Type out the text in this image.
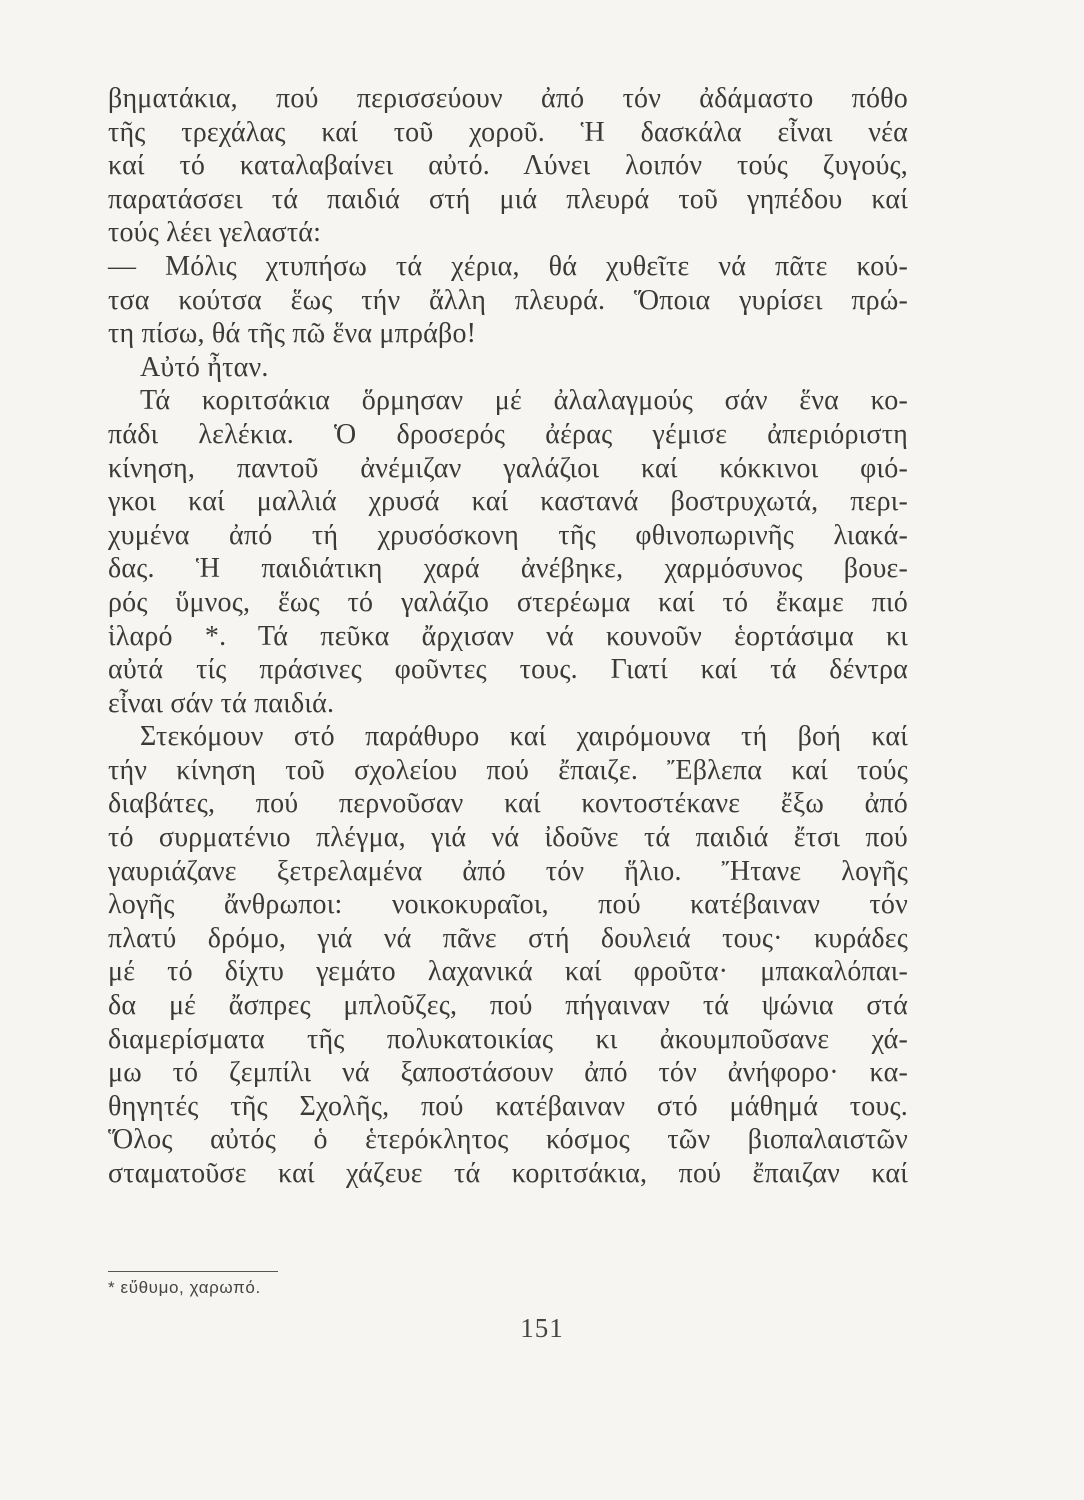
βηματάκια, πού περισσεύουν ἀπό τόν ἀδάμαστο πόθο
τῆς τρεχάλας καί τοῦ χοροῦ. Ἡ δασκάλα εἶναι νέα
καί τό καταλαβαίνει αὐτό. Λύνει λοιπόν τούς ζυγούς,
παρατάσσει τά παιδιά στή μιά πλευρά τοῦ γηπέδου καί
τούς λέει γελαστά:
— Μόλις χτυπήσω τά χέρια, θά χυθεῖτε νά πᾶτε κού-
τσα κούτσα ἕως τήν ἄλλη πλευρά. Ὅποια γυρίσει πρώ-
τη πίσω, θά τῆς πῶ ἕνα μπράβο!
Αὐτό ἦταν.
Τά κοριτσάκια ὅρμησαν μέ ἀλαλαγμούς σάν ἕνα κο-
πάδι λελέκια. Ὁ δροσερός ἀέρας γέμισε ἀπεριόριστη
κίνηση, παντοῦ ἀνέμιζαν γαλάζιοι καί κόκκινοι φιό-
γκοι καί μαλλιά χρυσά καί καστανά βοστρυχωτά, περι-
χυμένα ἀπό τή χρυσόσκονη τῆς φθινοπωρινῆς λιακά-
δας. Ἡ παιδιάτικη χαρά ἀνέβηκε, χαρμόσυνος βουε-
ρός ὕμνος, ἕως τό γαλάζιο στερέωμα καί τό ἔκαμε πιό
ἱλαρό *. Τά πεῦκα ἄρχισαν νά κουνοῦν ἑορτάσιμα κι
αὐτά τίς πράσινες φοῦντες τους. Γιατί καί τά δέντρα
εἶναι σάν τά παιδιά.
Στεκόμουν στό παράθυρο καί χαιρόμουνα τή βοή καί
τήν κίνηση τοῦ σχολείου πού ἔπαιζε. Ἔβλεπα καί τούς
διαβάτες, πού περνοῦσαν καί κοντοστέκανε ἔξω ἀπό
τό συρματένιο πλέγμα, γιά νά ἰδοῦνε τά παιδιά ἔτσι πού
γαυριάζανε ξετρελαμένα ἀπό τόν ἥλιο. Ἤτανε λογῆς
λογῆς ἄνθρωποι: νοικοκυραῖοι, πού κατέβαιναν τόν
πλατύ δρόμο, γιά νά πᾶνε στή δουλειά τους· κυράδες
μέ τό δίχτυ γεμάτο λαχανικά καί φροῦτα· μπακαλόπαι-
δα μέ ἄσπρες μπλοῦζες, πού πήγαιναν τά ψώνια στά
διαμερίσματα τῆς πολυκατοικίας κι ἀκουμποῦσανε χά-
μω τό ζεμπίλι νά ξαποστάσουν ἀπό τόν ἀνήφορο· κα-
θηγητές τῆς Σχολῆς, πού κατέβαιναν στό μάθημά τους.
Ὅλος αὐτός ὁ ἑτερόκλητος κόσμος τῶν βιοπαλαιστῶν
σταματοῦσε καί χάζευε τά κοριτσάκια, πού ἔπαιζαν καί
* εὔθυμο, χαρωπό.
151
